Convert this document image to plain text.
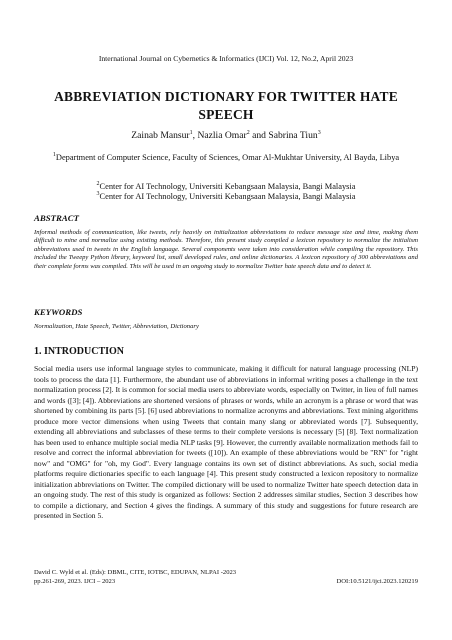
International Journal on Cybernetics & Informatics (IJCI) Vol. 12, No.2, April 2023
ABBREVIATION DICTIONARY FOR TWITTER HATE SPEECH
Zainab Mansur$^1$, Nazlia Omar$^2$ and Sabrina Tiun$^3$
$^1$Department of Computer Science, Faculty of Sciences, Omar Al-Mukhtar University, Al Bayda, Libya
$^2$Center for AI Technology, Universiti Kebangsaan Malaysia, Bangi Malaysia
$^3$Center for AI Technology, Universiti Kebangsaan Malaysia, Bangi Malaysia
ABSTRACT
Informal methods of communication, like tweets, rely heavily on initialization abbreviations to reduce message size and time, making them difficult to mine and normalize using existing methods. Therefore, this present study compiled a lexicon repository to normalize the initialism abbreviations used in tweets in the English language. Several components were taken into consideration while compiling the repository. This included the Tweepy Python library, keyword list, small developed rules, and online dictionaries. A lexicon repository of 300 abbreviations and their complete forms was compiled. This will be used in an ongoing study to normalize Twitter hate speech data and to detect it.
KEYWORDS
Normalization, Hate Speech, Twitter, Abbreviation, Dictionary
1. INTRODUCTION
Social media users use informal language styles to communicate, making it difficult for natural language processing (NLP) tools to process the data [1]. Furthermore, the abundant use of abbreviations in informal writing poses a challenge in the text normalization process [2]. It is common for social media users to abbreviate words, especially on Twitter, in lieu of full names and words ([3]; [4]). Abbreviations are shortened versions of phrases or words, while an acronym is a phrase or word that was shortened by combining its parts [5]. [6] used abbreviations to normalize acronyms and abbreviations. Text mining algorithms produce more vector dimensions when using Tweets that contain many slang or abbreviated words [7]. Subsequently, extending all abbreviations and subclasses of these terms to their complete versions is necessary [5] [8]. Text normalization has been used to enhance multiple social media NLP tasks [9]. However, the currently available normalization methods fail to resolve and correct the informal abbreviation for tweets ([10]). An example of these abbreviations would be "RN" for "right now" and "OMG" for "oh, my God". Every language contains its own set of distinct abbreviations. As such, social media platforms require dictionaries specific to each language [4]. This present study constructed a lexicon repository to normalize initialization abbreviations on Twitter. The compiled dictionary will be used to normalize Twitter hate speech detection data in an ongoing study. The rest of this study is organized as follows: Section 2 addresses similar studies, Section 3 describes how to compile a dictionary, and Section 4 gives the findings. A summary of this study and suggestions for future research are presented in Section 5.
David C. Wyld et al. (Eds): DBML, CITE, IOTBC, EDUPAN, NLPAI -2023
pp.261-269, 2023. IJCI – 2023	DOI:10.5121/ijci.2023.120219
